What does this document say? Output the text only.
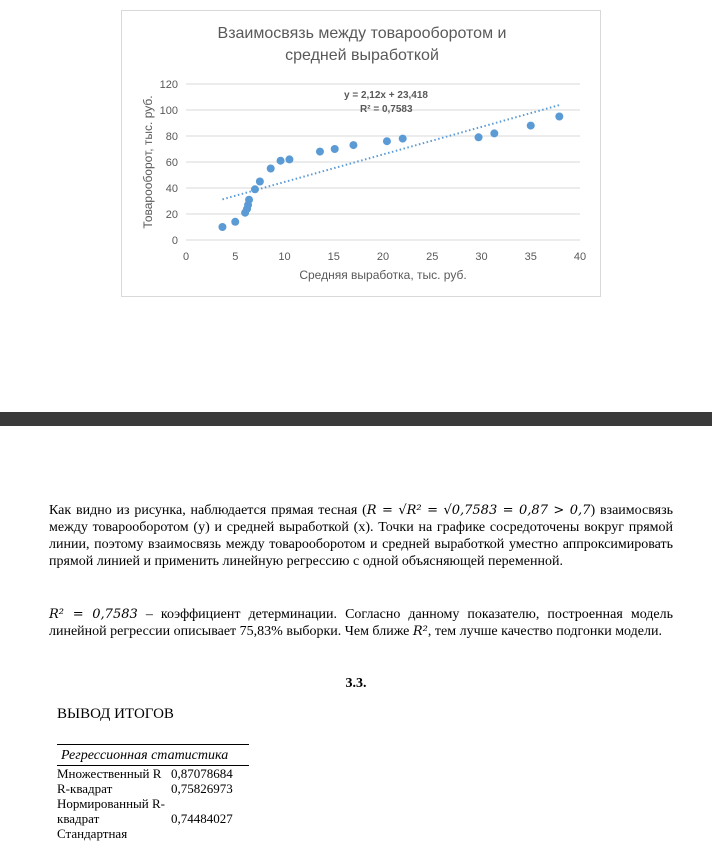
Взаимосвязь между товарооборотом и
средней выработкой
0
20
40
60
80
100
120
0	5	10	15	20	25	30	35	40
Средняя выработка, тыс. руб.
Товарооборот, тыс. руб.	y = 2,12x + 23,418
R² = 0,7583

Как видно из рисунка, наблюдается прямая тесная (R = √R² = √0,7583 = 0,87 > 0,7) взаимосвязь между товарооборотом (y) и средней выработкой (x). Точки на графике сосредоточены вокруг прямой линии, поэтому взаимосвязь между товарооборотом и средней выработкой уместно аппроксимировать прямой линией и применить линейную регрессию с одной объясняющей переменной.

R² = 0,7583 – коэффициент детерминации. Согласно данному показателю, построенная модель линейной регрессии описывает 75,83% выборки. Чем ближе R², тем лучше качество подгонки модели.

3.3.
ВЫВОД ИТОГОВ
Регрессионная статистика	
Множественный R	0,87078684
R-квадрат	0,75826973
Нормированный R-квадрат	0,74484027
Стандартная	
